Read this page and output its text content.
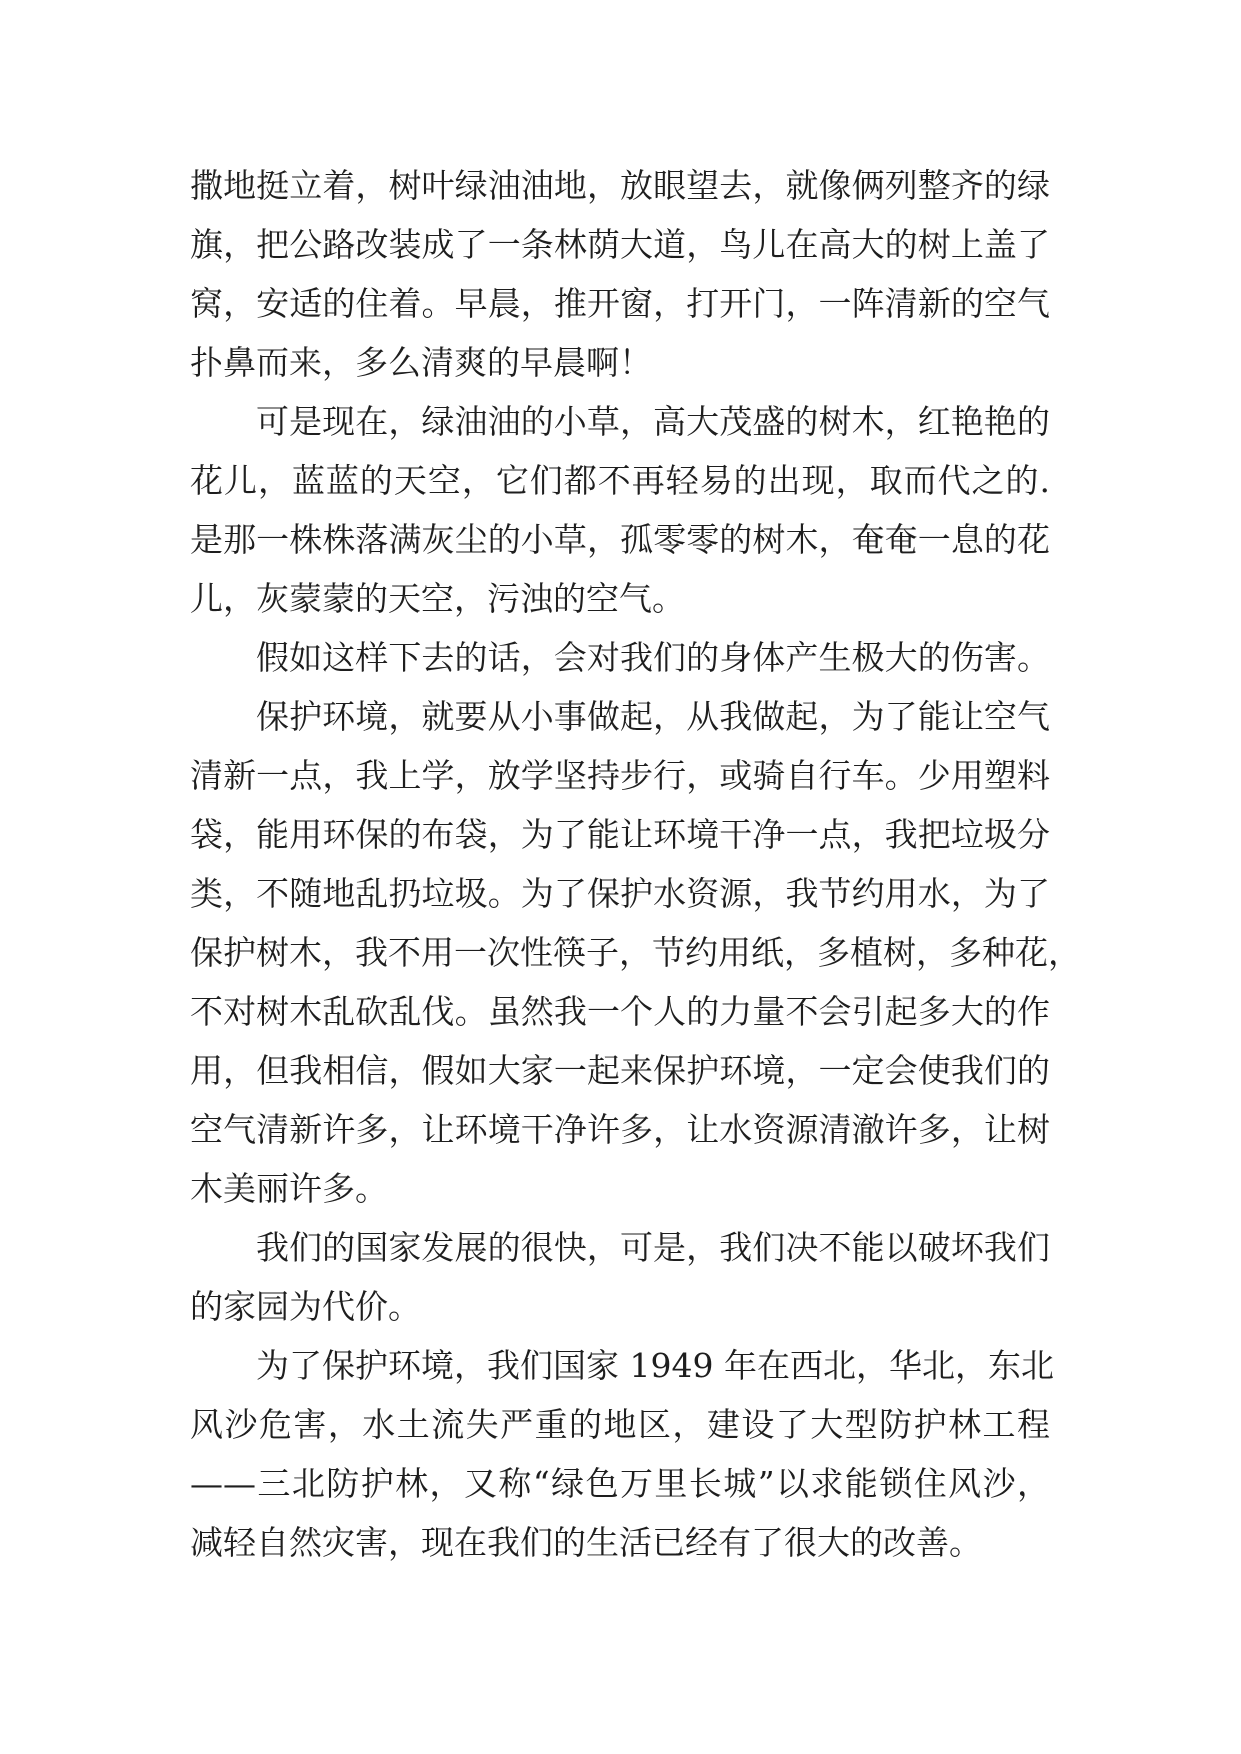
撒地挺立着，树叶绿油油地，放眼望去，就像俩列整齐的绿
旗，把公路改装成了一条林荫大道，鸟儿在高大的树上盖了
窝，安适的住着。早晨，推开窗，打开门，一阵清新的空气
扑鼻而来，多么清爽的早晨啊！
可是现在，绿油油的小草，高大茂盛的树木，红艳艳的
花儿，蓝蓝的天空，它们都不再轻易的出现，取而代之的.
是那一株株落满灰尘的小草，孤零零的树木，奄奄一息的花
儿，灰蒙蒙的天空，污浊的空气。
假如这样下去的话，会对我们的身体产生极大的伤害。
保护环境，就要从小事做起，从我做起，为了能让空气
清新一点，我上学，放学坚持步行，或骑自行车。少用塑料
袋，能用环保的布袋，为了能让环境干净一点，我把垃圾分
类，不随地乱扔垃圾。为了保护水资源，我节约用水，为了
保护树木，我不用一次性筷子，节约用纸，多植树，多种花，
不对树木乱砍乱伐。虽然我一个人的力量不会引起多大的作
用，但我相信，假如大家一起来保护环境，一定会使我们的
空气清新许多，让环境干净许多，让水资源清澈许多，让树
木美丽许多。
我们的国家发展的很快，可是，我们决不能以破坏我们
的家园为代价。
为了保护环境，我们国家 1949 年在西北，华北，东北
风沙危害，水土流失严重的地区，建设了大型防护林工程
——三北防护林，又称“绿色万里长城”以求能锁住风沙，
减轻自然灾害，现在我们的生活已经有了很大的改善。
